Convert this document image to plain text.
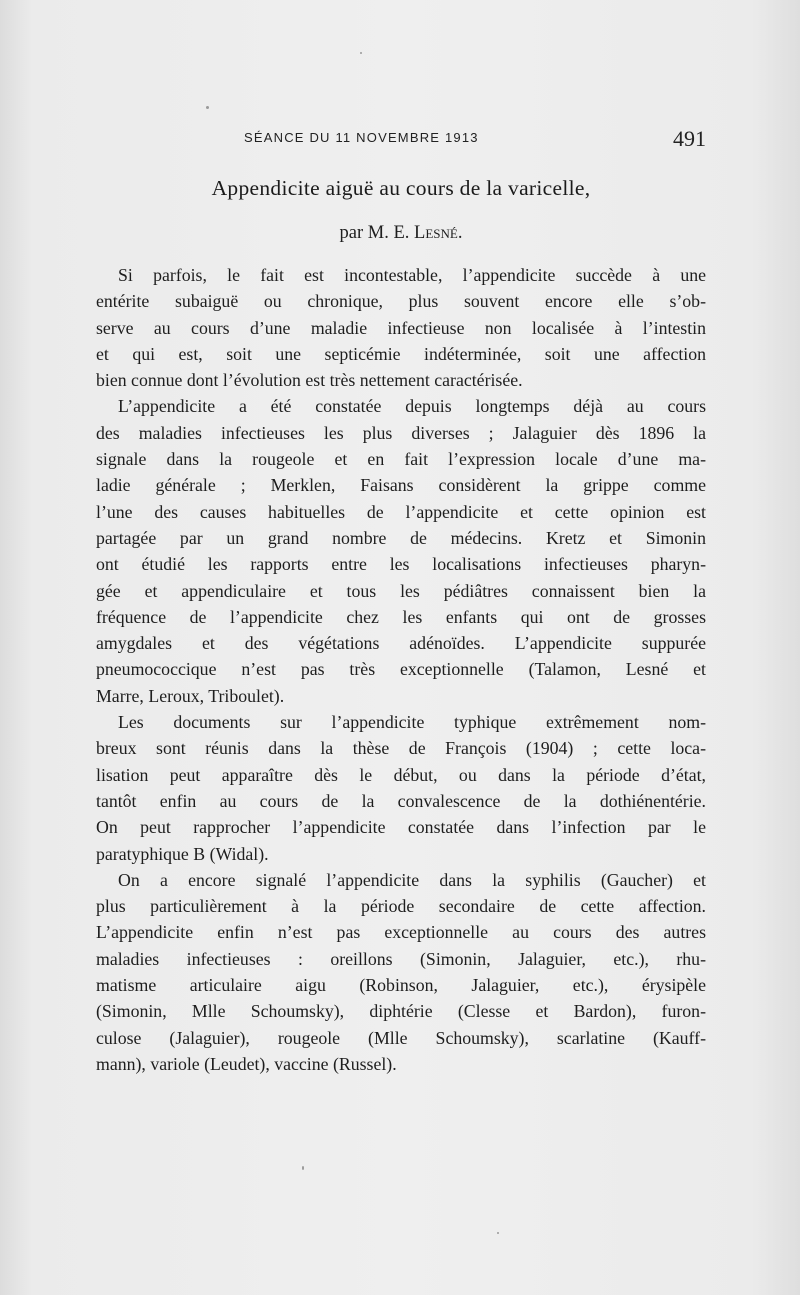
SÉANCE DU 11 NOVEMBRE 1913	491
Appendicite aiguë au cours de la varicelle,
par M. E. Lesné.
Si parfois, le fait est incontestable, l’appendicite succède à une
entérite subaiguë ou chronique, plus souvent encore elle s’ob-
serve au cours d’une maladie infectieuse non localisée à l’intestin
et qui est, soit une septicémie indéterminée, soit une affection
bien connue dont l’évolution est très nettement caractérisée.
L’appendicite a été constatée depuis longtemps déjà au cours
des maladies infectieuses les plus diverses ; Jalaguier dès 1896 la
signale dans la rougeole et en fait l’expression locale d’une ma-
ladie générale ; Merklen, Faisans considèrent la grippe comme
l’une des causes habituelles de l’appendicite et cette opinion est
partagée par un grand nombre de médecins. Kretz et Simonin
ont étudié les rapports entre les localisations infectieuses pharyn-
gée et appendiculaire et tous les pédiâtres connaissent bien la
fréquence de l’appendicite chez les enfants qui ont de grosses
amygdales et des végétations adénoïdes. L’appendicite suppurée
pneumococcique n’est pas très exceptionnelle (Talamon, Lesné et
Marre, Leroux, Triboulet).
Les documents sur l’appendicite typhique extrêmement nom-
breux sont réunis dans la thèse de François (1904) ; cette loca-
lisation peut apparaître dès le début, ou dans la période d’état,
tantôt enfin au cours de la convalescence de la dothiénentérie.
On peut rapprocher l’appendicite constatée dans l’infection par le
paratyphique B (Widal).
On a encore signalé l’appendicite dans la syphilis (Gaucher) et
plus particulièrement à la période secondaire de cette affection.
L’appendicite enfin n’est pas exceptionnelle au cours des autres
maladies infectieuses : oreillons (Simonin, Jalaguier, etc.), rhu-
matisme articulaire aigu (Robinson, Jalaguier, etc.), érysipèle
(Simonin, Mlle Schoumsky), diphtérie (Clesse et Bardon), furon-
culose (Jalaguier), rougeole (Mlle Schoumsky), scarlatine (Kauff-
mann), variole (Leudet), vaccine (Russel).
